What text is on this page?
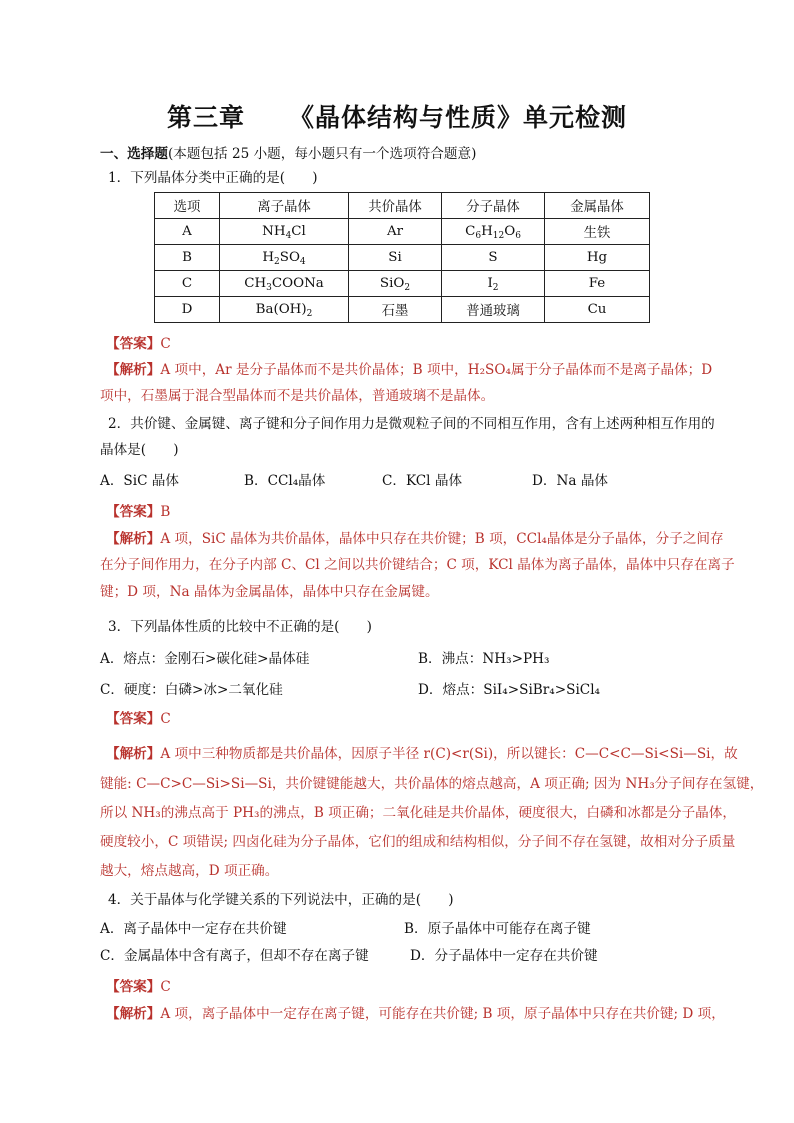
第三章 《晶体结构与性质》单元检测
一、选择题(本题包括 25 小题，每小题只有一个选项符合题意)
1．下列晶体分类中正确的是(　　)
选项	离子晶体	共价晶体	分子晶体	金属晶体
A	$NH_4Cl$	Ar	$C_6H_{12}O_6$	生铁
B	$H_2SO_4$	Si	S	Hg
C	$CH_3COONa$	SiO$_2$	$I_2$	Fe
D	$Ba(OH)_2$	石墨	普通玻璃	Cu
【答案】C
【解析】A 项中，Ar 是分子晶体而不是共价晶体；B 项中，H₂SO₄属于分子晶体而不是离子晶体；D
项中，石墨属于混合型晶体而不是共价晶体，普通玻璃不是晶体。
2．共价键、金属键、离子键和分子间作用力是微观粒子间的不同相互作用，含有上述两种相互作用的
晶体是(　　)
A．SiC 晶体	B．CCl₄晶体	C．KCl 晶体	D．Na 晶体
【答案】B
【解析】A 项，SiC 晶体为共价晶体，晶体中只存在共价键；B 项，CCl₄晶体是分子晶体，分子之间存
在分子间作用力，在分子内部 C、Cl 之间以共价键结合；C 项，KCl 晶体为离子晶体，晶体中只存在离子
键；D 项，Na 晶体为金属晶体，晶体中只存在金属键。
3．下列晶体性质的比较中不正确的是(　　)
A．熔点：金刚石>碳化硅>晶体硅	B．沸点：NH₃>PH₃
C．硬度：白磷>冰>二氧化硅	D．熔点：SiI₄>SiBr₄>SiCl₄
【答案】C
【解析】A 项中三种物质都是共价晶体，因原子半径 r(C)<r(Si)，所以键长：C—C<C—Si<Si—Si，故
键能: C—C>C—Si>Si—Si，共价键键能越大，共价晶体的熔点越高，A 项正确; 因为 NH₃分子间存在氢键，
所以 NH₃的沸点高于 PH₃的沸点，B 项正确；二氧化硅是共价晶体，硬度很大，白磷和冰都是分子晶体，
硬度较小，C 项错误; 四卤化硅为分子晶体，它们的组成和结构相似，分子间不存在氢键，故相对分子质量
越大，熔点越高，D 项正确。
4．关于晶体与化学键关系的下列说法中，正确的是(　　)
A．离子晶体中一定存在共价键	B．原子晶体中可能存在离子键
C．金属晶体中含有离子，但却不存在离子键	D．分子晶体中一定存在共价键
【答案】C
【解析】A 项，离子晶体中一定存在离子键，可能存在共价键; B 项，原子晶体中只存在共价键; D 项，
